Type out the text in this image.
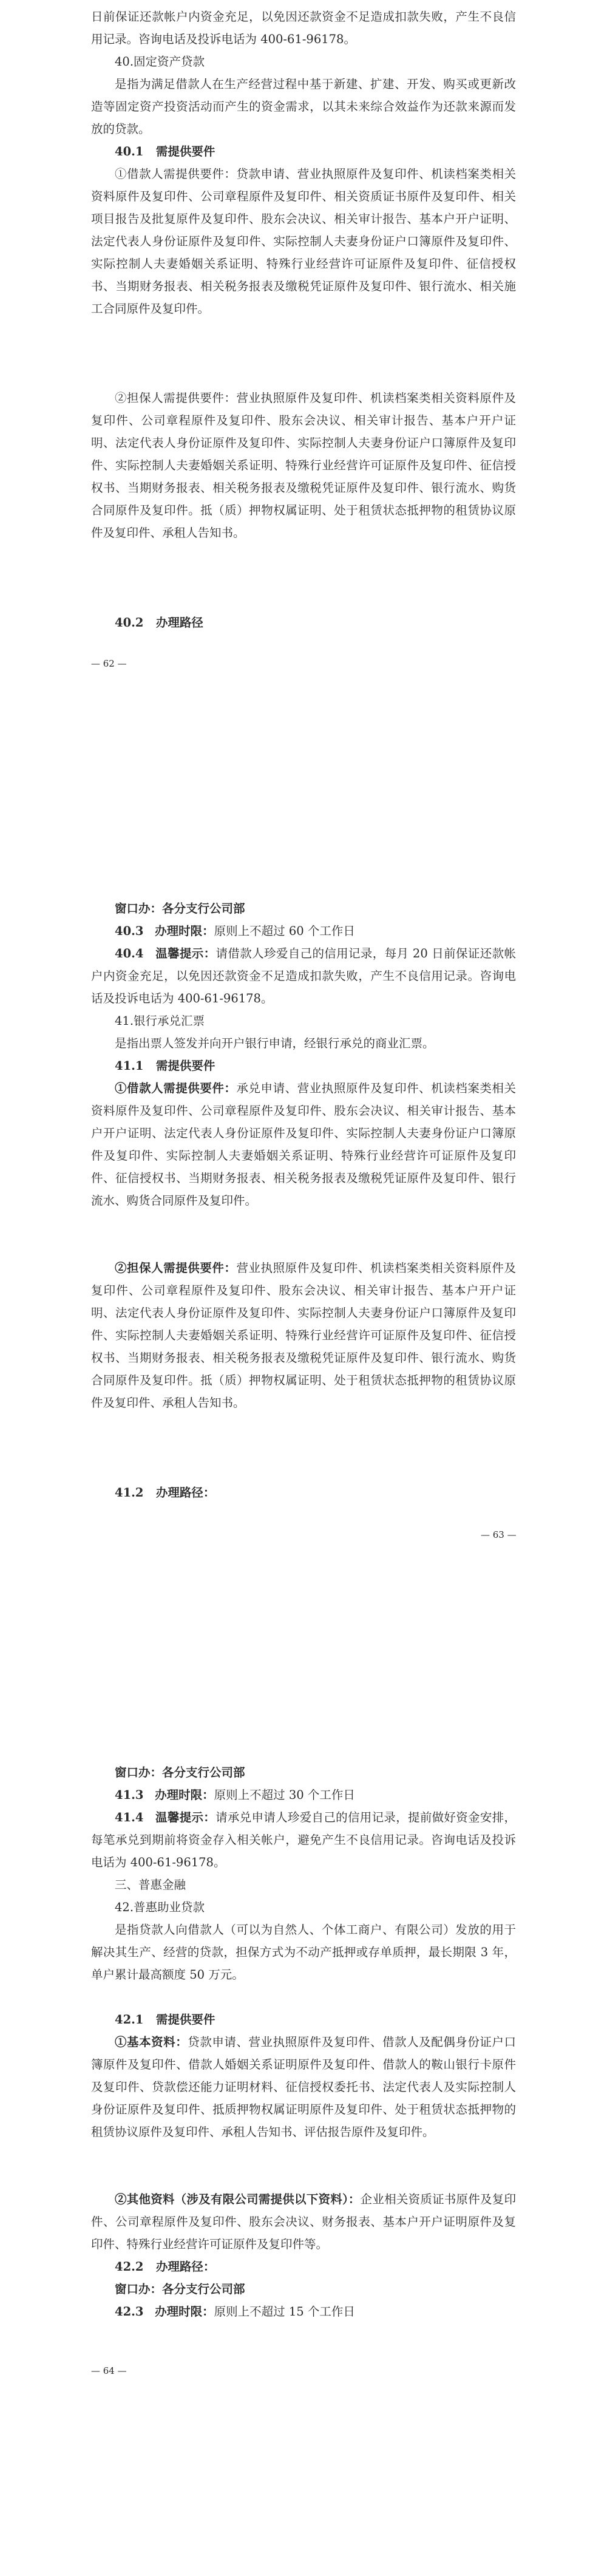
日前保证还款帐户内资金充足，以免因还款资金不足造成扣款失败，产生不良信用记录。咨询电话及投诉电话为 400-61-96178。

40.固定资产贷款

是指为满足借款人在生产经营过程中基于新建、扩建、开发、购买或更新改造等固定资产投资活动而产生的资金需求，以其未来综合效益作为还款来源而发放的贷款。

40.1 需提供要件

①借款人需提供要件：贷款申请、营业执照原件及复印件、机读档案类相关资料原件及复印件、公司章程原件及复印件、相关资质证书原件及复印件、相关项目报告及批复原件及复印件、股东会决议、相关审计报告、基本户开户证明、法定代表人身份证原件及复印件、实际控制人夫妻身份证户口簿原件及复印件、实际控制人夫妻婚姻关系证明、特殊行业经营许可证原件及复印件、征信授权书、当期财务报表、相关税务报表及缴税凭证原件及复印件、银行流水、相关施工合同原件及复印件。

②担保人需提供要件：营业执照原件及复印件、机读档案类相关资料原件及复印件、公司章程原件及复印件、股东会决议、相关审计报告、基本户开户证明、法定代表人身份证原件及复印件、实际控制人夫妻身份证户口簿原件及复印件、实际控制人夫妻婚姻关系证明、特殊行业经营许可证原件及复印件、征信授权书、当期财务报表、相关税务报表及缴税凭证原件及复印件、银行流水、购货合同原件及复印件。抵（质）押物权属证明、处于租赁状态抵押物的租赁协议原件及复印件、承租人告知书。

40.2 办理路径

— 62 —

窗口办：各分支行公司部

40.3 办理时限：原则上不超过 60 个工作日

40.4 温馨提示：请借款人珍爱自己的信用记录，每月 20 日前保证还款帐户内资金充足，以免因还款资金不足造成扣款失败，产生不良信用记录。咨询电话及投诉电话为 400-61-96178。

41.银行承兑汇票

是指出票人签发并向开户银行申请，经银行承兑的商业汇票。

41.1 需提供要件

①借款人需提供要件：承兑申请、营业执照原件及复印件、机读档案类相关资料原件及复印件、公司章程原件及复印件、股东会决议、相关审计报告、基本户开户证明、法定代表人身份证原件及复印件、实际控制人夫妻身份证户口簿原件及复印件、实际控制人夫妻婚姻关系证明、特殊行业经营许可证原件及复印件、征信授权书、当期财务报表、相关税务报表及缴税凭证原件及复印件、银行流水、购货合同原件及复印件。

②担保人需提供要件：营业执照原件及复印件、机读档案类相关资料原件及复印件、公司章程原件及复印件、股东会决议、相关审计报告、基本户开户证明、法定代表人身份证原件及复印件、实际控制人夫妻身份证户口簿原件及复印件、实际控制人夫妻婚姻关系证明、特殊行业经营许可证原件及复印件、征信授权书、当期财务报表、相关税务报表及缴税凭证原件及复印件、银行流水、购货合同原件及复印件。抵（质）押物权属证明、处于租赁状态抵押物的租赁协议原件及复印件、承租人告知书。

41.2 办理路径：

— 63 —

窗口办：各分支行公司部

41.3 办理时限：原则上不超过 30 个工作日

41.4 温馨提示：请承兑申请人珍爱自己的信用记录，提前做好资金安排，每笔承兑到期前将资金存入相关帐户，避免产生不良信用记录。咨询电话及投诉电话为 400-61-96178。

三、普惠金融

42.普惠助业贷款

是指贷款人向借款人（可以为自然人、个体工商户、有限公司）发放的用于解决其生产、经营的贷款，担保方式为不动产抵押或存单质押，最长期限 3 年，单户累计最高额度 50 万元。

42.1 需提供要件

①基本资料：贷款申请、营业执照原件及复印件、借款人及配偶身份证户口簿原件及复印件、借款人婚姻关系证明原件及复印件、借款人的鞍山银行卡原件及复印件、贷款偿还能力证明材料、征信授权委托书、法定代表人及实际控制人身份证原件及复印件、抵质押物权属证明原件及复印件、处于租赁状态抵押物的租赁协议原件及复印件、承租人告知书、评估报告原件及复印件。

②其他资料（涉及有限公司需提供以下资料）：企业相关资质证书原件及复印件、公司章程原件及复印件、股东会决议、财务报表、基本户开户证明原件及复印件、特殊行业经营许可证原件及复印件等。

42.2 办理路径：

窗口办：各分支行公司部

42.3 办理时限：原则上不超过 15 个工作日

— 64 —
